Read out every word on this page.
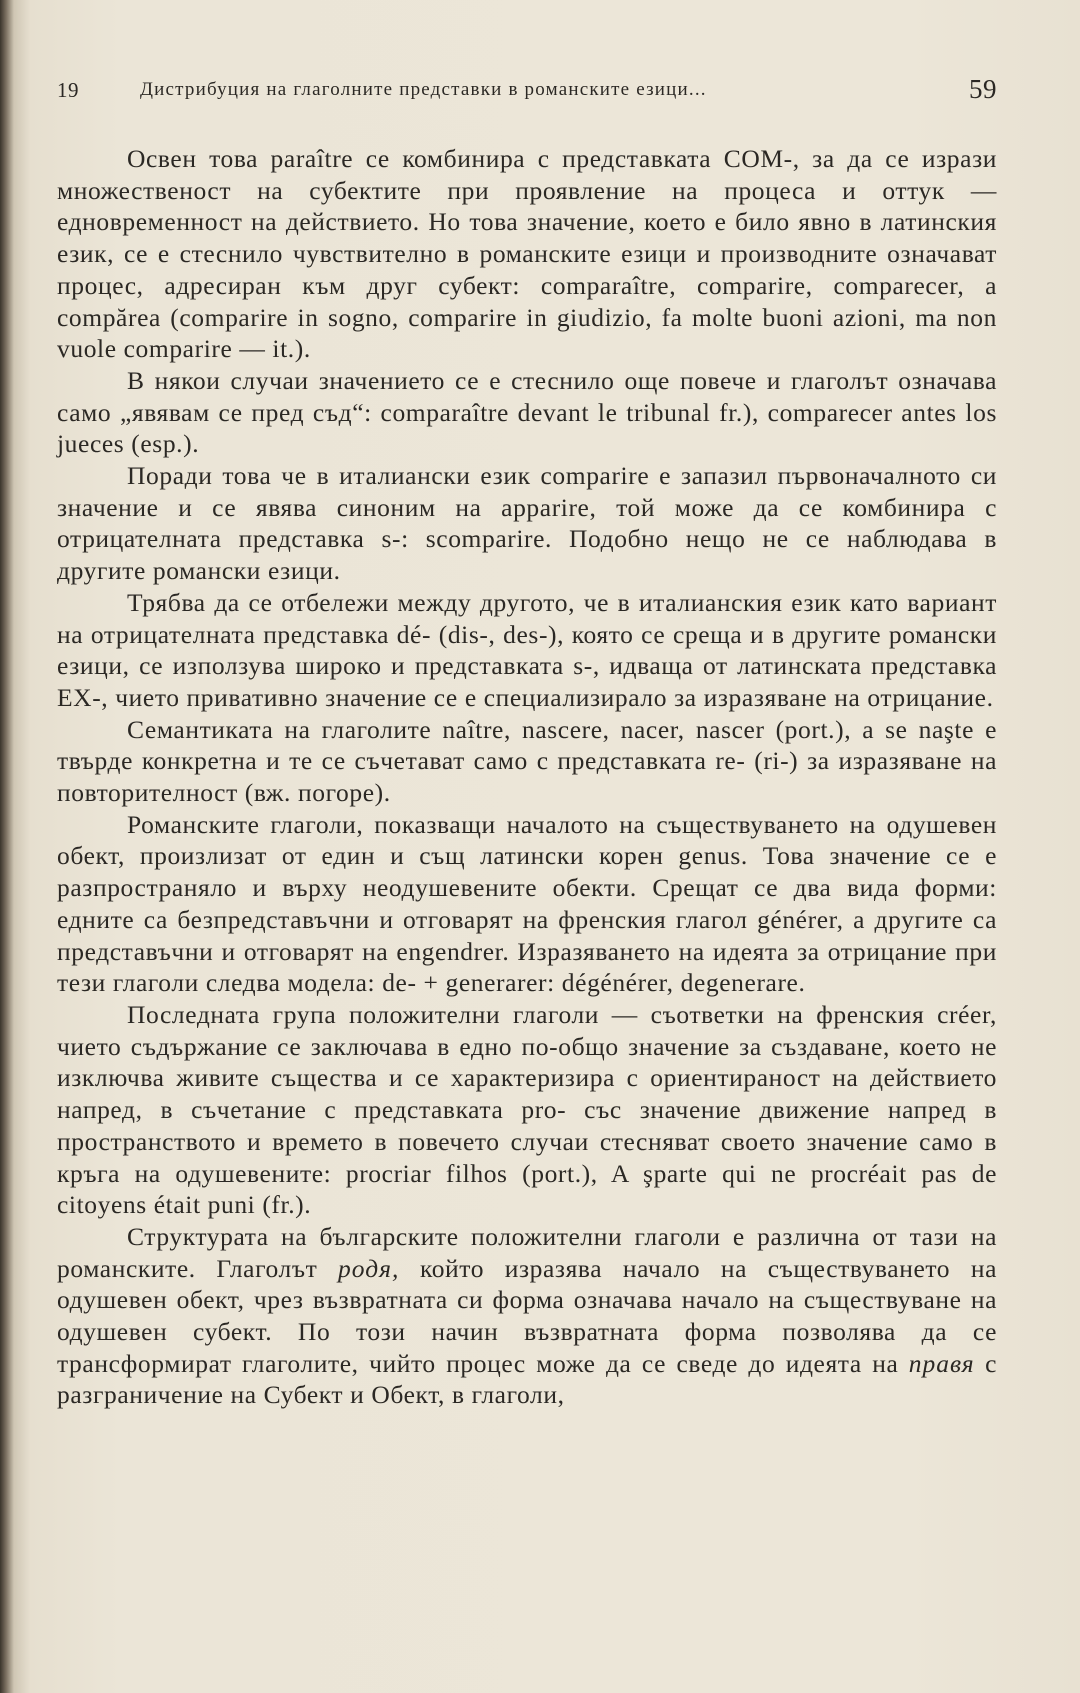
19	Дистрибуция на глаголните представки в романските езици...	59

Освен това paraître се комбинира с представката COM-, за да се изрази множественост на субектите при проявление на процеса и оттук — едновременност на действието. Но това значение, което е било явно в латинския език, се е стеснило чувствително в романските езици и производните означават процес, адресиран към друг субект: comparaître, comparire, comparecer, a compărea (comparire in sogno, comparire in giudizio, fa molte buoni azioni, ma non vuole comparire — it.).

В някои случаи значението се е стеснило още повече и глаголът означава само „явявам се пред съд“: comparaître devant le tribunal fr.), comparecer antes los jueces (esp.).

Поради това че в италиански език comparire е запазил първоначалното си значение и се явява синоним на apparire, той може да се комбинира с отрицателната представка s-: scomparire. Подобно нещо не се наблюдава в другите романски езици.

Трябва да се отбележи между другото, че в италианския език като вариант на отрицателната представка dé- (dis-, des-), която се среща и в другите романски езици, се използува широко и представката s-, идваща от латинската представка EX-, чието привативно значение се е специализирало за изразяване на отрицание.

Семантиката на глаголите naître, nascere, nacer, nascer (port.), a se naşte е твърде конкретна и те се съчетават само с представката re- (ri-) за изразяване на повторителност (вж. погоре).

Романските глаголи, показващи началото на съществуването на одушевен обект, произлизат от един и същ латински корен genus. Това значение се е разпространяло и върху неодушевените обекти. Срещат се два вида форми: едните са безпредставъчни и отговарят на френския глагол générer, а другите са представъчни и отговарят на engendrer. Изразяването на идеята за отрицание при тези глаголи следва модела: de- + generarer: dégénérer, degenerare.

Последната група положителни глаголи — съответки на френския créer, чието съдържание се заключава в едно по-общо значение за създаване, което не изключва живите същества и се характеризира с ориентираност на действието напред, в съчетание с представката pro- със значение движение напред в пространството и времето в повечето случаи стесняват своето значение само в кръга на одушевените: procriar filhos (port.), A şparte qui ne procréait pas de citoyens était puni (fr.).

Структурата на българските положителни глаголи е различна от тази на романските. Глаголът родя, който изразява начало на съществуването на одушевен обект, чрез възвратната си форма означава начало на съществуване на одушевен субект. По този начин възвратната форма позволява да се трансформират глаголите, чийто процес може да се сведе до идеята на правя с разграничение на Субект и Обект, в глаголи,
